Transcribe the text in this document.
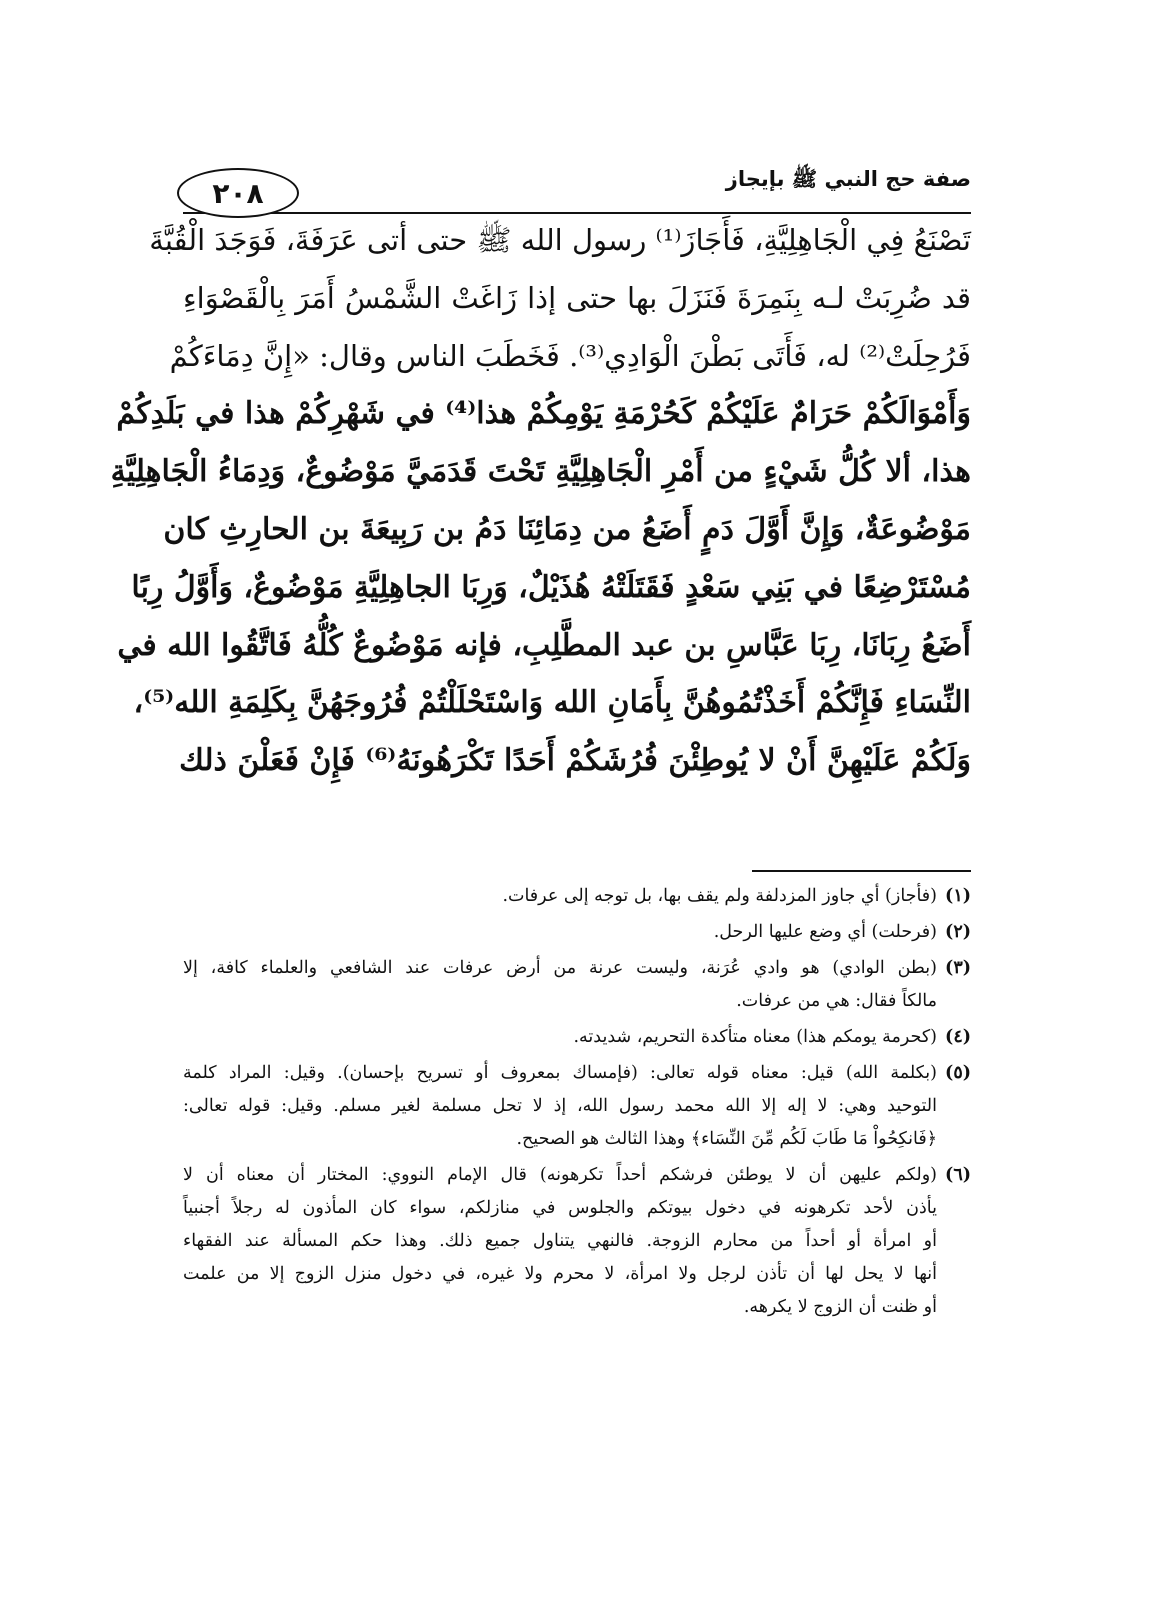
صفة حج النبي ﷺ بإيجاز
٢٠٨
تَصْنَعُ فِي الْجَاهِلِيَّةِ، فَأَجَازَ⁽¹⁾ رسول الله ﷺ حتى أتى عَرَفَةَ، فَوَجَدَ الْقُبَّةَ
قد ضُرِبَتْ لـه بِنَمِرَةَ فَنَزَلَ بها حتى إذا زَاغَتْ الشَّمْسُ أَمَرَ بِالْقَصْوَاءِ
فَرُحِلَتْ⁽²⁾ له، فَأَتَى بَطْنَ الْوَادِي⁽³⁾. فَخَطَبَ الناس وقال: «إِنَّ دِمَاءَكُمْ
وَأَمْوَالَكُمْ حَرَامٌ عَلَيْكُمْ كَحُرْمَةِ يَوْمِكُمْ هذا⁽⁴⁾ في شَهْرِكُمْ هذا في بَلَدِكُمْ
هذا، ألا كُلُّ شَيْءٍ من أَمْرِ الْجَاهِلِيَّةِ تَحْتَ قَدَمَيَّ مَوْضُوعٌ، وَدِمَاءُ الْجَاهِلِيَّةِ
مَوْضُوعَةٌ، وَإِنَّ أَوَّلَ دَمٍ أَضَعُ من دِمَائِنَا دَمُ بن رَبِيعَةَ بن الحارِثِ كان
مُسْتَرْضِعًا في بَنِي سَعْدٍ فَقَتَلَتْهُ هُذَيْلٌ، وَرِبَا الجاهِلِيَّةِ مَوْضُوعٌ، وَأَوَّلُ رِبًا
أَضَعُ رِبَانَا، رِبَا عَبَّاسِ بن عبد المطَّلِبِ، فإنه مَوْضُوعٌ كُلُّهُ فَاتَّقُوا الله في
النِّسَاءِ فَإِنَّكُمْ أَخَذْتُمُوهُنَّ بِأَمَانِ الله وَاسْتَحْلَلْتُمْ فُرُوجَهُنَّ بِكَلِمَةِ الله⁽⁵⁾،
وَلَكُمْ عَلَيْهِنَّ أَنْ لا يُوطِئْنَ فُرُشَكُمْ أَحَدًا تَكْرَهُونَهُ⁽⁶⁾ فَإِنْ فَعَلْنَ ذلك
(١)
(فأجاز) أي جاوز المزدلفة ولم يقف بها، بل توجه إلى عرفات.
(٢)
(فرحلت) أي وضع عليها الرحل.
(٣)
(بطن الوادي) هو وادي عُرَنة، وليست عرنة من أرض عرفات عند الشافعي والعلماء كافة، إلا
مالكاً فقال: هي من عرفات.
(٤)
(كحرمة يومكم هذا) معناه متأكدة التحريم، شديدته.
(٥)
(بكلمة الله) قيل: معناه قوله تعالى: (فإمساك بمعروف أو تسريح بإحسان). وقيل: المراد كلمة
التوحيد وهي: لا إله إلا الله محمد رسول الله، إذ لا تحل مسلمة لغير مسلم. وقيل: قوله تعالى:
﴿فَانكِحُواْ مَا طَابَ لَكُم مِّنَ النِّسَاء﴾ وهذا الثالث هو الصحيح.
(٦)
(ولكم عليهن أن لا يوطئن فرشكم أحداً تكرهونه) قال الإمام النووي: المختار أن معناه أن لا
يأذن لأحد تكرهونه في دخول بيوتكم والجلوس في منازلكم، سواء كان المأذون له رجلاً أجنبياً
أو امرأة أو أحداً من محارم الزوجة. فالنهي يتناول جميع ذلك. وهذا حكم المسألة عند الفقهاء
أنها لا يحل لها أن تأذن لرجل ولا امرأة، لا محرم ولا غيره، في دخول منزل الزوج إلا من علمت
أو ظنت أن الزوج لا يكرهه.
